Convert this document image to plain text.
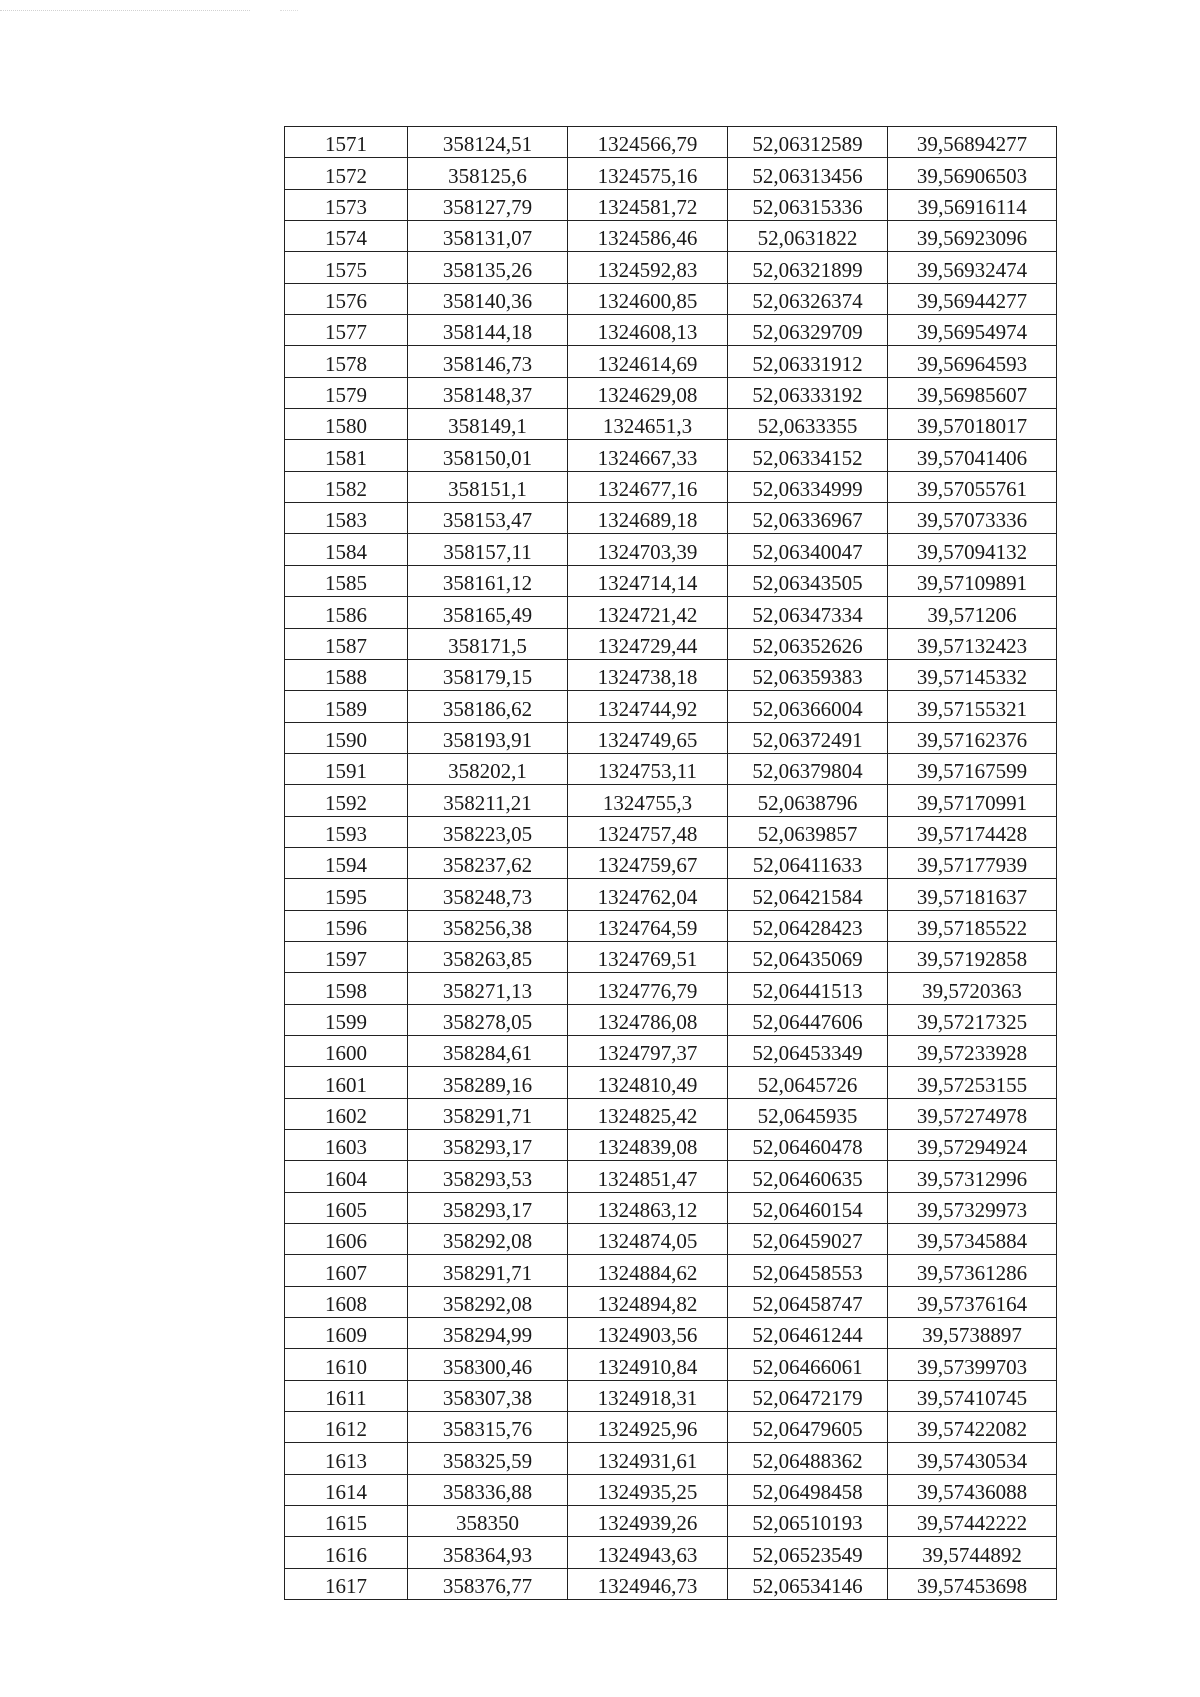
1571	358124,51	1324566,79	52,06312589	39,56894277
1572	358125,6	1324575,16	52,06313456	39,56906503
1573	358127,79	1324581,72	52,06315336	39,56916114
1574	358131,07	1324586,46	52,0631822	39,56923096
1575	358135,26	1324592,83	52,06321899	39,56932474
1576	358140,36	1324600,85	52,06326374	39,56944277
1577	358144,18	1324608,13	52,06329709	39,56954974
1578	358146,73	1324614,69	52,06331912	39,56964593
1579	358148,37	1324629,08	52,06333192	39,56985607
1580	358149,1	1324651,3	52,0633355	39,57018017
1581	358150,01	1324667,33	52,06334152	39,57041406
1582	358151,1	1324677,16	52,06334999	39,57055761
1583	358153,47	1324689,18	52,06336967	39,57073336
1584	358157,11	1324703,39	52,06340047	39,57094132
1585	358161,12	1324714,14	52,06343505	39,57109891
1586	358165,49	1324721,42	52,06347334	39,571206
1587	358171,5	1324729,44	52,06352626	39,57132423
1588	358179,15	1324738,18	52,06359383	39,57145332
1589	358186,62	1324744,92	52,06366004	39,57155321
1590	358193,91	1324749,65	52,06372491	39,57162376
1591	358202,1	1324753,11	52,06379804	39,57167599
1592	358211,21	1324755,3	52,0638796	39,57170991
1593	358223,05	1324757,48	52,0639857	39,57174428
1594	358237,62	1324759,67	52,06411633	39,57177939
1595	358248,73	1324762,04	52,06421584	39,57181637
1596	358256,38	1324764,59	52,06428423	39,57185522
1597	358263,85	1324769,51	52,06435069	39,57192858
1598	358271,13	1324776,79	52,06441513	39,5720363
1599	358278,05	1324786,08	52,06447606	39,57217325
1600	358284,61	1324797,37	52,06453349	39,57233928
1601	358289,16	1324810,49	52,0645726	39,57253155
1602	358291,71	1324825,42	52,0645935	39,57274978
1603	358293,17	1324839,08	52,06460478	39,57294924
1604	358293,53	1324851,47	52,06460635	39,57312996
1605	358293,17	1324863,12	52,06460154	39,57329973
1606	358292,08	1324874,05	52,06459027	39,57345884
1607	358291,71	1324884,62	52,06458553	39,57361286
1608	358292,08	1324894,82	52,06458747	39,57376164
1609	358294,99	1324903,56	52,06461244	39,5738897
1610	358300,46	1324910,84	52,06466061	39,57399703
1611	358307,38	1324918,31	52,06472179	39,57410745
1612	358315,76	1324925,96	52,06479605	39,57422082
1613	358325,59	1324931,61	52,06488362	39,57430534
1614	358336,88	1324935,25	52,06498458	39,57436088
1615	358350	1324939,26	52,06510193	39,57442222
1616	358364,93	1324943,63	52,06523549	39,5744892
1617	358376,77	1324946,73	52,06534146	39,57453698
